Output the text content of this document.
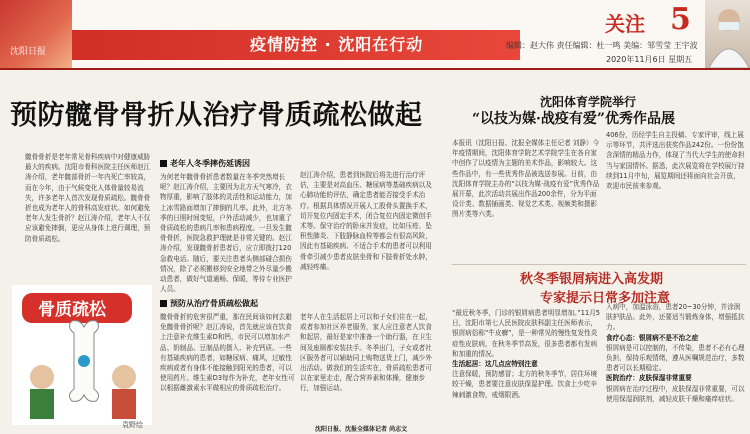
沈阳日报	疫情防控 · 沈阳在行动
关注 5
编辑：赵大伟 责任编辑：杜一鸣 美编：邹雪莹 王宇波
2020年11月6日 星期五
预防髋骨骨折从治疗骨质疏松做起
髋骨骨折是老年常见骨科疾病中对健康威胁最大的疾病。沈阳市骨科医院主任医师赵江涛介绍，老年髋部骨折一年内死亡率较高，而在今年，由于气候变化人体骨量较易流失，许多老年人首次发现骨质疏松。髋骨骨折也成为老年人的骨科高发症状。如何避免老年人发生骨折？赵江涛介绍，老年人不仅应该避免摔倒，更应从身体上进行调理，预防骨质疏松。
老年人冬季摔伤延诱因
为何老年髋骨骨折患者数量在冬季突然增长呢？赵江涛介绍，主要因为北方天气寒冷，衣物厚重，影响了肢体的灵活性和运动能力，加上冰雪路面增加了摔倒的几率。此外，北方冬季的日照时间变短，户外活动减少，也加重了骨质疏松的患病几率和患病程度。一旦发生髋骨骨折，医院急救护理就是非常关键的。赵江涛介绍，发现髋骨折患者后，应立即拨打120急救电话。随后，要关注患者头侧部碰合损伤情况，除了必须搬移到安全地带之外尽量少搬动患者，做好气道通畅、保暖，等待专业医护人员。
赵江涛介绍，患者到医院后将先进行治疗评估，主要是对高血压、糖尿病等基础疾病以及心肺功能的评估，确定患者能否接受手术治疗。根据具体情况开展人工股骨头置换手术，切开复位内固定手术，闭合复位内固定微创手术等。保守治疗的卧床并发症，比如压疮、坠积性肺炎、下肢静脉血栓等都会有很高风险，因此有基础疾病、不适合手术的患者可以利用骨牵引减少患者皮肤坐骨和下肢骨折处水肿，减轻疼痛。
预防从治疗骨质疏松做起
髋骨骨折的危害很严重，那在民间该如何去避免髋骨骨折呢？赵江涛说，首先就应该在饮食上注意补充维生素D和钙，市民可以增加水产品、奶制品、豆制品的摄入、补充钙质。一些有基础疾病的患者，如糖尿病、痛风，过敏性疾病或者有身体不能接触到阳光的患者，可以使用药片。维生素D3每作为补充，老年女性可以根据雌激素水平做相应的骨质疏松治疗。
老年人在生活起居上可以和子女们住在一起，或者参加社区养老服务，家人应注意老人饮食和起居，最好是家中准备一个助行器，在卫生间及座厕都安装扶手。冬季出门，子女或者社区服务者可以辅助同上购物送货上门，减少外出活动。做我们的生活实在，骨质疏松患者可以在家里走走，配合营养素和体操，健康步行，加强运动。
沈阳日报、沈报全媒体记者 尚志文
骨质疏松
袁野绘
沈阳体育学院举行
“以技为媒·战疫有爱”优秀作品展
本报讯（沈阳日报、沈报全媒体主任记者 刘静）今年疫情期间，沈阳体育学院艺术学院学生在各自家中创作了以疫情为主题的美术作品，影响较大。这些作品中，有一些优秀作品被选送参展。日前，由沈阳体育学院主办的“以技为媒·战疫有爱”优秀作品展开幕，此次活动共展出作品200余件，分为平面设计类、数据插画类、视觉艺术类、视频类和摄影图片类等六类。
406份，历经学生自主投稿、专家评审，线上展示等环节，共评选出获奖作品242份。一份份饱含深情的精品力作，体现了当代大学生的使命担当与家国情怀。据悉，此次展览将在学校展厅持续到11月中旬，展览期间还将面向社会开放，欢迎市民前来参观。
秋冬季银屑病进入高发期
专家提示日常多加注意
“最近秋冬季，门诊的银屑病患者明显增加。”11月5日，沈阳市第七人民医院皮肤科副主任医师表示，银屑病俗称“牛皮癣”，是一种常见的慢性复发性炎症性皮肤病，在秋冬季节高发，很多患者都有发病和加重的情况。
生活起居：这几点应特别注意
注意保暖，预防感冒；北方的秋冬季节，居住环境较干燥，患者要注意皮肤保湿护理。饮食上少吃辛辣刺激食物，戒烟限酒。
入病中，加温泳浴，患者20~30分钟，并涂润肤护肤品。此外，还要适当锻炼身体，增强抵抗力。
食疗心态：银屑病不是不治之症
银屑病是可以控制的，不传染，患者不必有心理负担，保持乐观情绪，遵从医嘱规范治疗，多数患者可以长期稳定。
医院治疗：皮肤保湿非常重要
银屑病在治疗过程中，皮肤保湿非常重要，可以使用保湿润肤剂，减轻皮肤干燥和瘙痒症状。
